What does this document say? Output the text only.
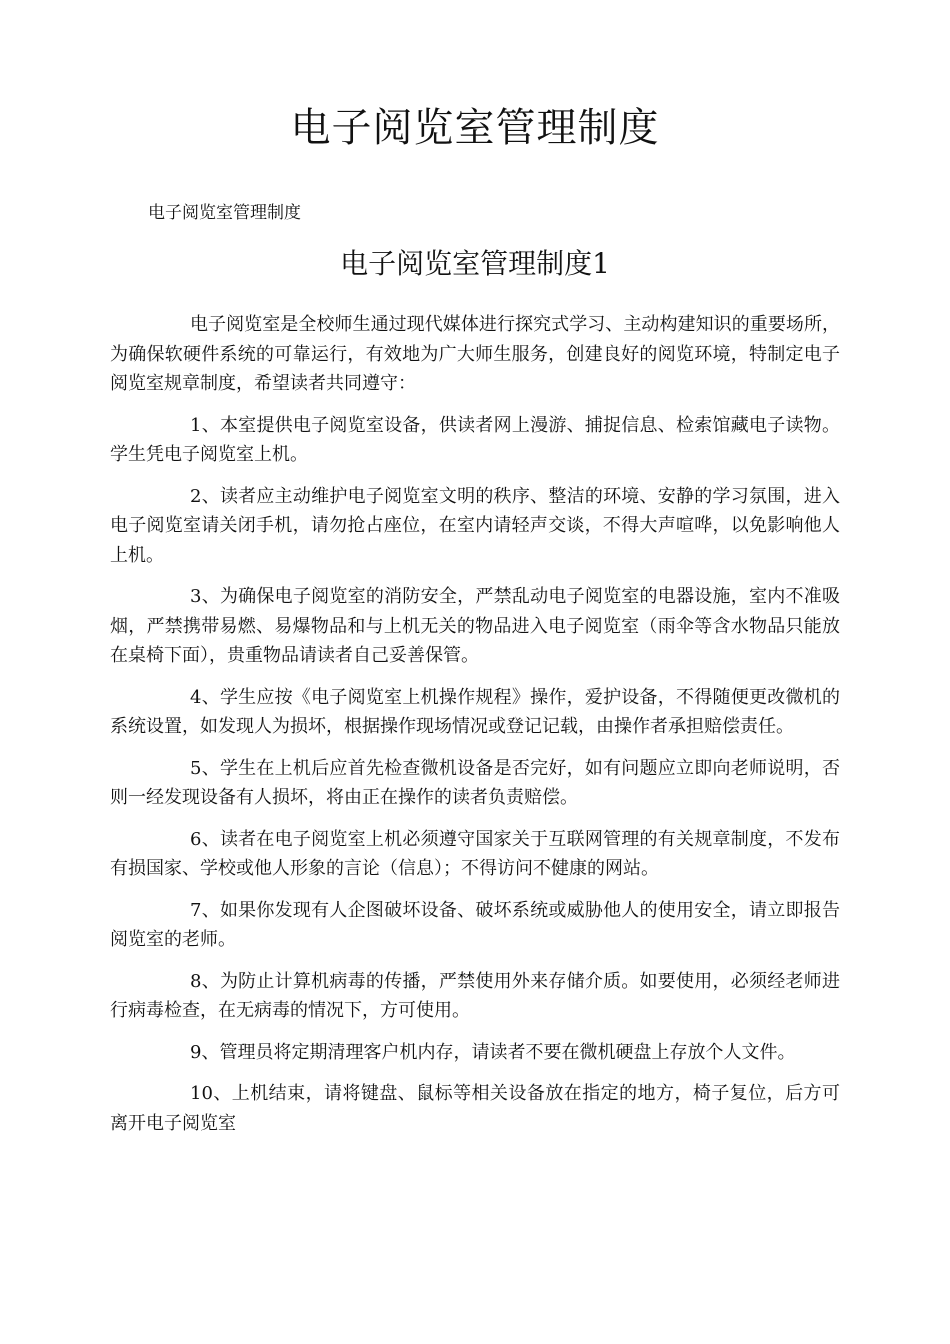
电子阅览室管理制度

电子阅览室管理制度

电子阅览室管理制度1

电子阅览室是全校师生通过现代媒体进行探究式学习、主动构建知识的重要场所，为确保软硬件系统的可靠运行，有效地为广大师生服务，创建良好的阅览环境，特制定电子阅览室规章制度，希望读者共同遵守：

1、本室提供电子阅览室设备，供读者网上漫游、捕捉信息、检索馆藏电子读物。学生凭电子阅览室上机。

2、读者应主动维护电子阅览室文明的秩序、整洁的环境、安静的学习氛围，进入电子阅览室请关闭手机，请勿抢占座位，在室内请轻声交谈，不得大声喧哗，以免影响他人上机。

3、为确保电子阅览室的消防安全，严禁乱动电子阅览室的电器设施，室内不准吸烟，严禁携带易燃、易爆物品和与上机无关的物品进入电子阅览室（雨伞等含水物品只能放在桌椅下面），贵重物品请读者自己妥善保管。

4、学生应按《电子阅览室上机操作规程》操作，爱护设备，不得随便更改微机的系统设置，如发现人为损坏，根据操作现场情况或登记记载，由操作者承担赔偿责任。

5、学生在上机后应首先检查微机设备是否完好，如有问题应立即向老师说明，否则一经发现设备有人损坏，将由正在操作的读者负责赔偿。

6、读者在电子阅览室上机必须遵守国家关于互联网管理的有关规章制度，不发布有损国家、学校或他人形象的言论（信息）；不得访问不健康的网站。

7、如果你发现有人企图破坏设备、破坏系统或威胁他人的使用安全，请立即报告阅览室的老师。

8、为防止计算机病毒的传播，严禁使用外来存储介质。如要使用，必须经老师进行病毒检查，在无病毒的情况下，方可使用。

9、管理员将定期清理客户机内存，请读者不要在微机硬盘上存放个人文件。

10、上机结束，请将键盘、鼠标等相关设备放在指定的地方，椅子复位，后方可离开电子阅览室
